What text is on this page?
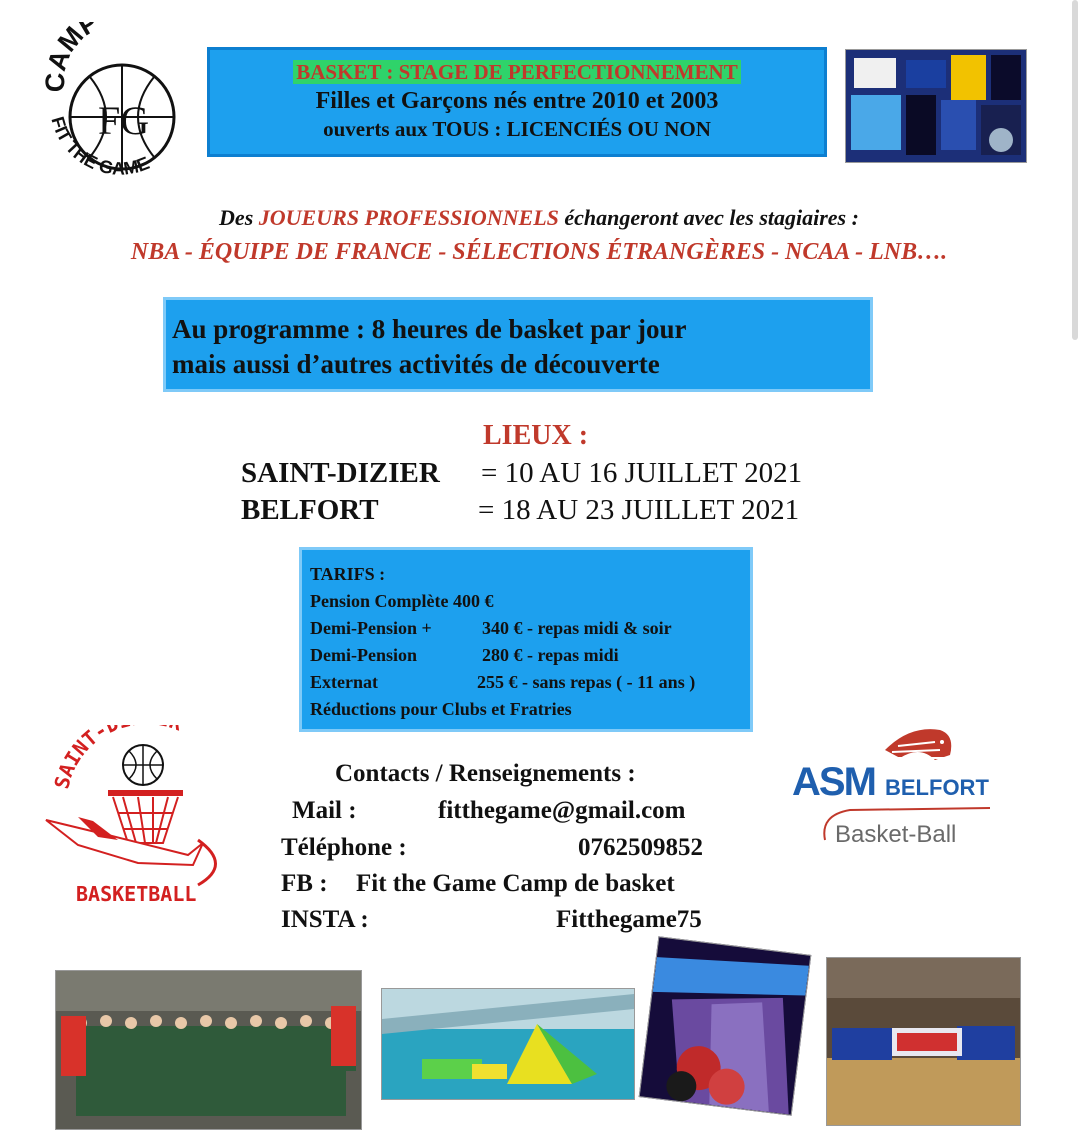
CAMP
FG
FIT THE GAME
BASKET : STAGE DE PERFECTIONNEMENT
Filles et Garçons nés entre 2010 et 2003
ouverts aux TOUS : LICENCIÉS OU NON
Des JOUEURS PROFESSIONNELS échangeront avec les stagiaires :
NBA - ÉQUIPE DE FRANCE - SÉLECTIONS ÉTRANGÈRES - NCAA - LNB….
Au programme : 8 heures de basket par jour
mais aussi d’autres activités de découverte
LIEUX :
SAINT-DIZIER = 10 AU 16 JUILLET 2021
BELFORT	= 18 AU 23 JUILLET 2021
TARIFS :
Pension Complète 400 €
Demi-Pension +	340 € - repas midi & soir
Demi-Pension	280 € - repas midi
Externat	255 € - sans repas ( - 11 ans )
Réductions pour Clubs et Fratries
SAINT-
BASKETBALL
Contacts / Renseignements :
Mail :	fitthegame@gmail.com
Téléphone :	0762509852
FB : Fit the Game Camp de basket
INSTA :	Fitthegame75
ASM BELFORT
Basket-Ball
